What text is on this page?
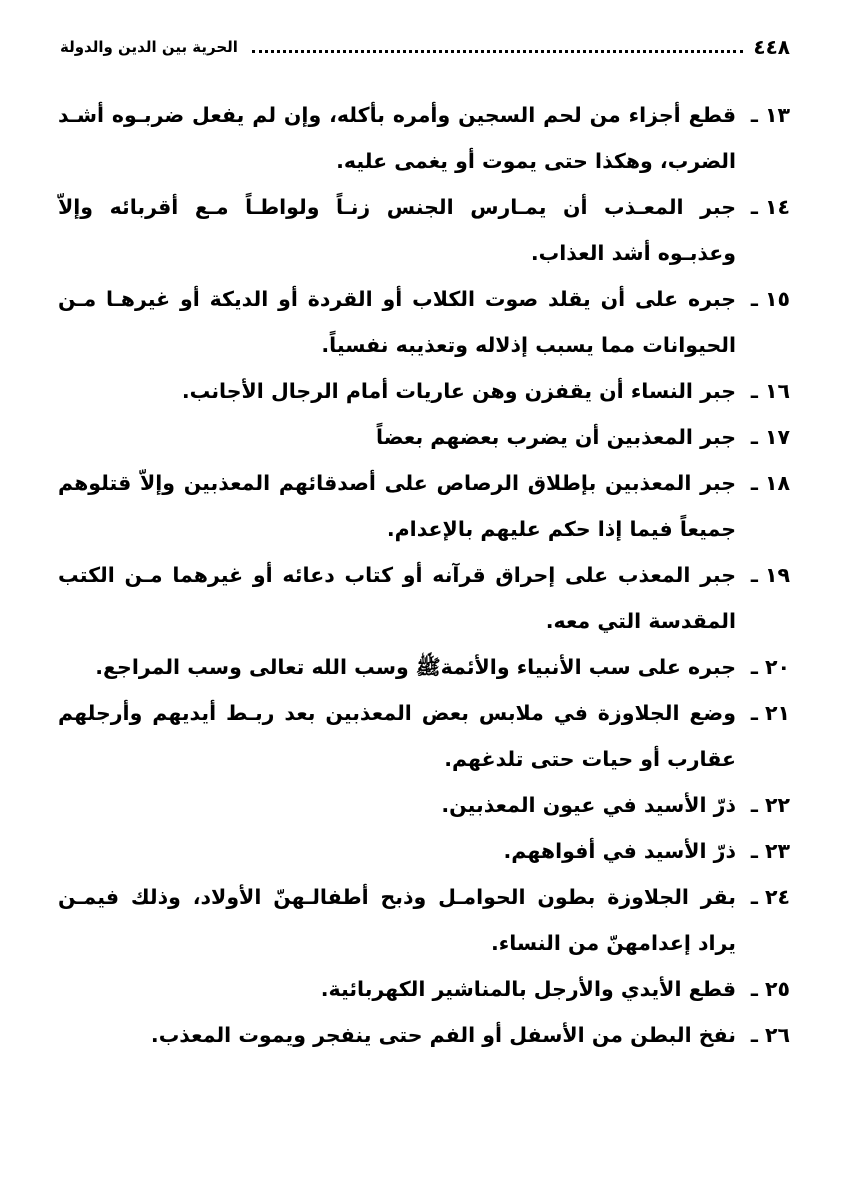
٤٤٨
الحرية بين الدين والدولة

١٣ ـقطع أجزاء من لحم السجين وأمره بأكله، وإن لم يفعل ضربـوه أشـد الضرب، وهكذا حتى يموت أو يغمى عليه.

١٤ ـجبر المعـذب أن يمـارس الجنس زنـاً ولواطـاً مـع أقربائه وإلاّ وعذبـوه أشد العذاب.

١٥ ـجبره على أن يقلد صوت الكلاب أو القردة أو الديكة أو غيرهـا مـن الحيوانات مما يسبب إذلاله وتعذيبه نفسياً.

١٦ ـجبر النساء أن يقفزن وهن عاريات أمام الرجال الأجانب.

١٧ ـجبر المعذبين أن يضرب بعضهم بعضاً

١٨ ـجبر المعذبين بإطلاق الرصاص على أصدقائهم المعذبين وإلاّ قتلوهم جميعاً فيما إذا حكم عليهم بالإعدام.

١٩ ـجبر المعذب على إحراق قرآنه أو كتاب دعائه أو غيرهما مـن الكتب المقدسة التي معه.

٢٠ ـجبره على سب الأنبياء والأئمةﷺ وسب الله تعالى وسب المراجع.

٢١ ـوضع الجلاوزة في ملابس بعض المعذبين بعد ربـط أيديهم وأرجلهم عقارب أو حيات حتى تلدغهم.

٢٢ ـذرّ الأسيد في عيون المعذبين.

٢٣ ـذرّ الأسيد في أفواههم.

٢٤ ـبقر الجلاوزة بطون الحوامـل وذبح أطفالـهنّ الأولاد، وذلك فيمـن يراد إعدامهنّ من النساء.

٢٥ ـقطع الأيدي والأرجل بالمناشير الكهربائية.

٢٦ ـنفخ البطن من الأسفل أو الفم حتى ينفجر ويموت المعذب.
